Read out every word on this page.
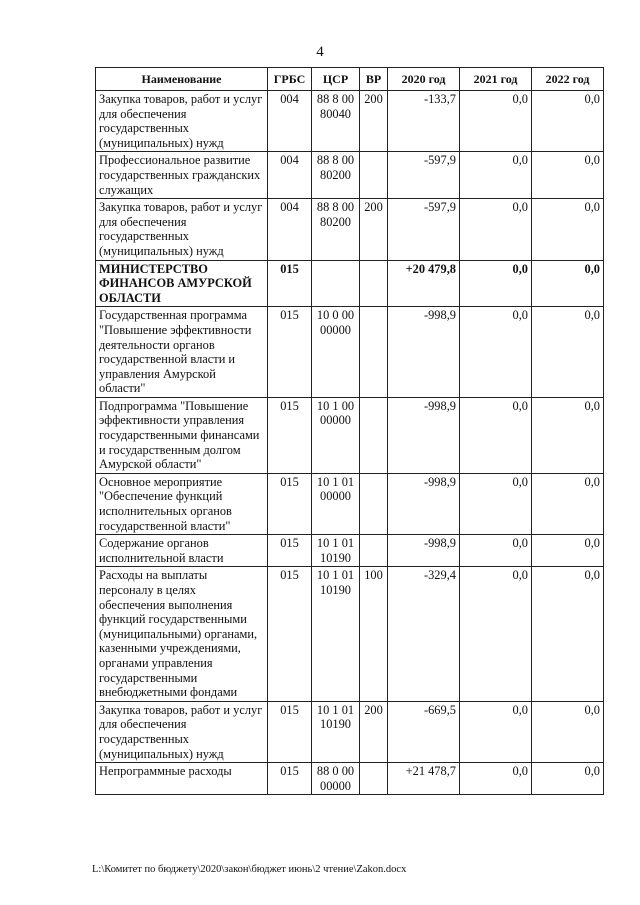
4
Наименование	ГРБС	ЦСР	ВР	2020 год	2021 год	2022 год
Закупка товаров, работ и услуг для обеспечения государственных (муниципальных) нужд	004	88 8 00 80040	200	-133,7	0,0	0,0
Профессиональное развитие государственных гражданских служащих	004	88 8 00 80200		-597,9	0,0	0,0
Закупка товаров, работ и услуг для обеспечения государственных (муниципальных) нужд	004	88 8 00 80200	200	-597,9	0,0	0,0
МИНИСТЕРСТВО ФИНАНСОВ АМУРСКОЙ ОБЛАСТИ	015			+20 479,8	0,0	0,0
Государственная программа "Повышение эффективности деятельности органов государственной власти и управления Амурской области"	015	10 0 00 00000		-998,9	0,0	0,0
Подпрограмма "Повышение эффективности управления государственными финансами и государственным долгом Амурской области"	015	10 1 00 00000		-998,9	0,0	0,0
Основное мероприятие "Обеспечение функций исполнительных органов государственной власти"	015	10 1 01 00000		-998,9	0,0	0,0
Содержание органов исполнительной власти	015	10 1 01 10190		-998,9	0,0	0,0
Расходы на выплаты персоналу в целях обеспечения выполнения функций государственными (муниципальными) органами, казенными учреждениями, органами управления государственными внебюджетными фондами	015	10 1 01 10190	100	-329,4	0,0	0,0
Закупка товаров, работ и услуг для обеспечения государственных (муниципальных) нужд	015	10 1 01 10190	200	-669,5	0,0	0,0
Непрограммные расходы	015	88 0 00 00000		+21 478,7	0,0	0,0
L:\Комитет по бюджету\2020\закон\бюджет июнь\2 чтение\Zakon.docx
